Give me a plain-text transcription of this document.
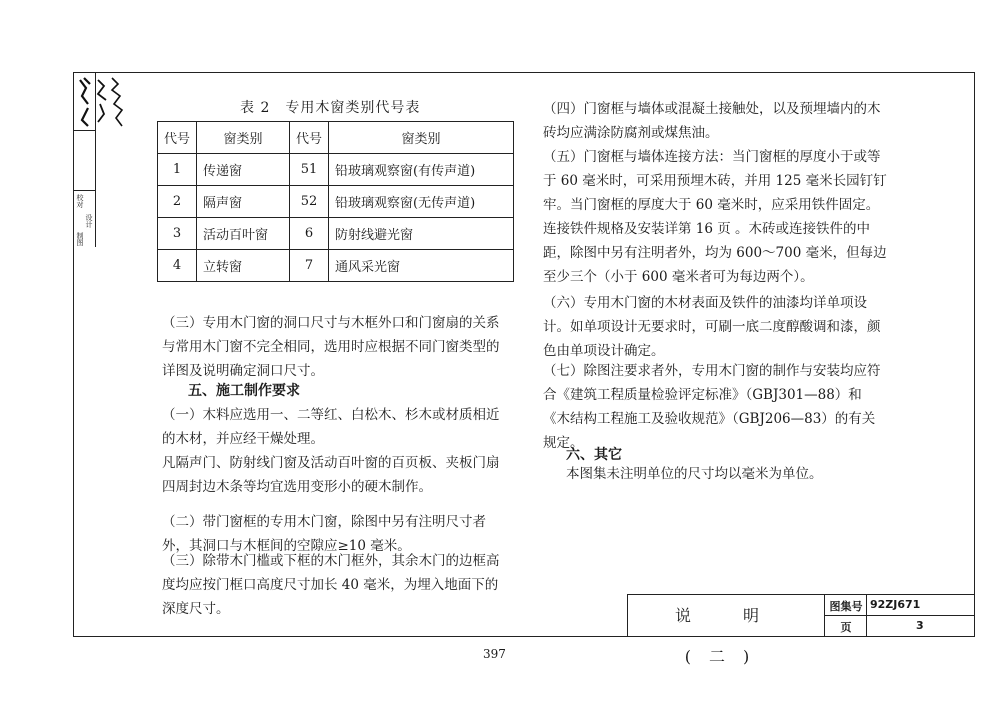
校对
设计
制图
表 2　专用木窗类别代号表
代号	窗类别	代号	窗类别
1	传递窗	51	铅玻璃观察窗(有传声道)
2	隔声窗	52	铅玻璃观察窗(无传声道)
3	活动百叶窗	6	防射线避光窗
4	立转窗	7	通风采光窗
（三）专用木门窗的洞口尺寸与木框外口和门窗扇的关系与常用木门窗不完全相同，选用时应根据不同门窗类型的详图及说明确定洞口尺寸。
五、施工制作要求
（一）木料应选用一、二等红、白松木、杉木或材质相近的木材，并应经干燥处理。
凡隔声门、防射线门窗及活动百叶窗的百页板、夹板门扇四周封边木条等均宜选用变形小的硬木制作。
（二）带门窗框的专用木门窗，除图中另有注明尺寸者外，其洞口与木框间的空隙应≥10 毫米。
（三）除带木门槛或下框的木门框外，其余木门的边框高度均应按门框口高度尺寸加长 40 毫米，为埋入地面下的深度尺寸。
（四）门窗框与墙体或混凝土接触处，以及预埋墙内的木砖均应满涂防腐剂或煤焦油。
（五）门窗框与墙体连接方法：当门窗框的厚度小于或等于 60 毫米时，可采用预埋木砖，并用 125 毫米长园钉钉牢。当门窗框的厚度大于 60 毫米时，应采用铁件固定。连接铁件规格及安装详第 16 页 。木砖或连接铁件的中距，除图中另有注明者外，均为 600～700 毫米，但每边至少三个（小于 600 毫米者可为每边两个）。
（六）专用木门窗的木材表面及铁件的油漆均详单项设计。如单项设计无要求时，可刷一底二度醇酸调和漆，颜色由单项设计确定。
（七）除图注要求者外，专用木门窗的制作与安装均应符合《建筑工程质量检验评定标准》（GBJ301—88）和《木结构工程施工及验收规范》（GBJ206—83）的有关规定。
六、其它
本图集未注明单位的尺寸均以毫米为单位。
说　明　(二)
图集号 92ZJ671
页	3
397
